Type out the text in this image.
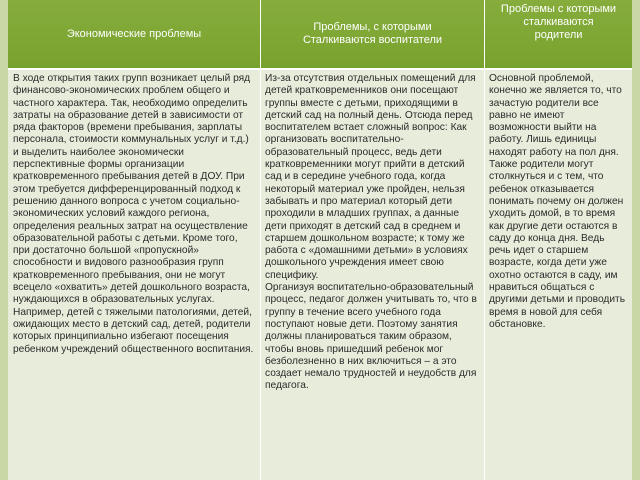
Экономические проблемы
Проблемы, с которыми
Сталкиваются воспитатели
Проблемы с которыми
сталкиваются
родители
В ходе открытия таких групп возникает целый ряд финансово-экономических проблем общего и частного характера. Так, необходимо определить затраты на образование детей в зависимости от ряда факторов (времени пребывания, зарплаты персонала, стоимости коммунальных услуг и т.д.) и выделить наиболее экономически перспективные формы организации кратковременного пребывания детей в ДОУ. При этом требуется дифференцированный подход к решению данного вопроса с учетом социально-экономических условий каждого региона, определения реальных затрат на осуществление образовательной работы с детьми. Кроме того, при достаточно большой «пропускной» способности и видового разнообразия групп кратковременного пребывания, они не могут всецело «охватить» детей дошкольного возраста, нуждающихся в образовательных услугах. Например, детей с тяжелыми патологиями, детей, ожидающих место в детский сад, детей, родители которых принципиально избегают посещения ребенком учреждений общественного воспитания.
Из-за отсутствия отдельных помещений для детей кратковременников они посещают группы вместе с детьми, приходящими в детский сад на полный день. Отсюда перед воспитателем встает сложный вопрос: Как организовать воспитательно-образовательный процесс, ведь дети кратковременники могут прийти в детский сад и в середине учебного года, когда некоторый материал уже пройден, нельзя забывать и про материал который дети проходили в младших группах, а данные дети приходят в детский сад в среднем и старшем дошкольном возрасте; к тому же работа с «домашними детьми» в условиях дошкольного учреждения имеет свою специфику.
Организуя воспитательно-образовательный процесс, педагог должен учитывать то, что в группу в течение всего учебного года поступают новые дети. Поэтому занятия должны планироваться таким образом, чтобы вновь пришедший ребенок мог безболезненно в них включиться – а это создает немало трудностей и неудобств для педагога.
Основной проблемой, конечно же является то, что зачастую родители все равно не имеют возможности выйти на работу. Лишь единицы находят работу на пол дня.
Также родители могут столкнуться и с тем, что ребенок отказывается понимать почему он должен уходить домой, в то время как другие дети остаются в саду до конца дня. Ведь речь идет о старшем возрасте, когда дети уже охотно остаются в саду, им нравиться общаться с другими детьми и проводить время в новой для себя обстановке.
